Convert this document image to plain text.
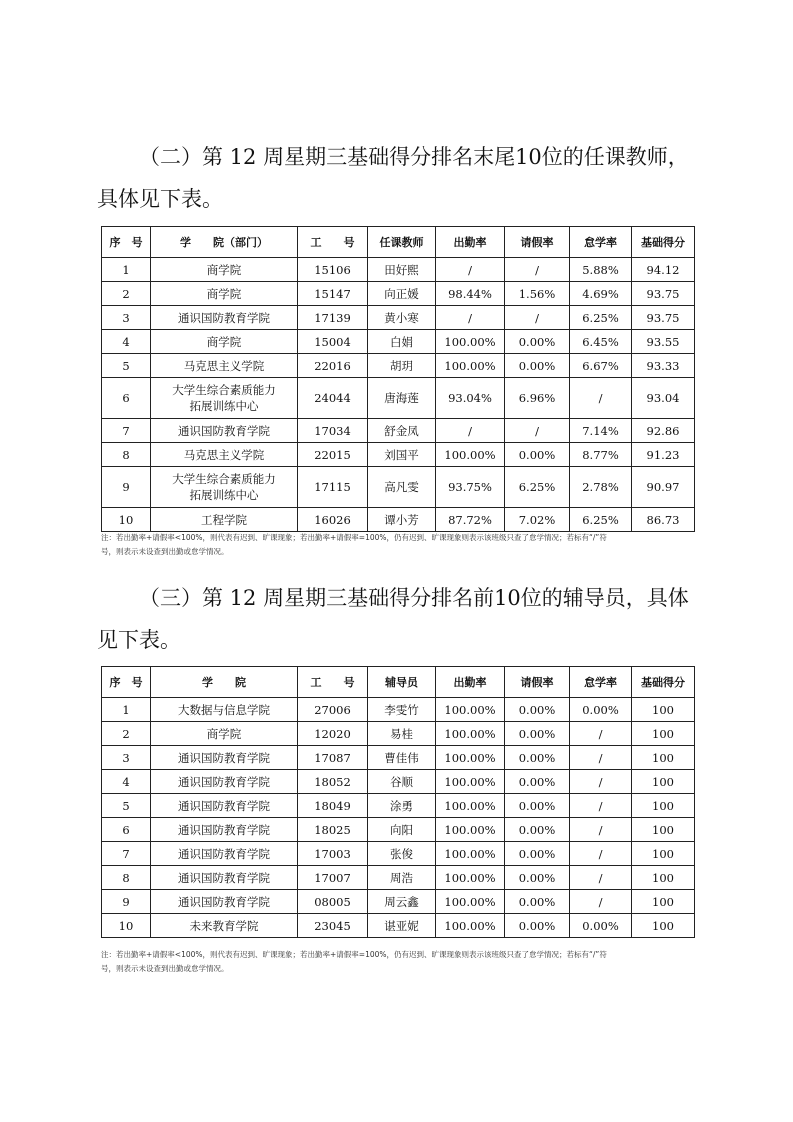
（二）第 12 周星期三基础得分排名末尾10位的任课教师，
具体见下表。

序　号	学　　院（部门）	工　　号	任课教师	出勤率	请假率	怠学率	基础得分
1	商学院	15106	田好熙	/	/	5.88%	94.12
2	商学院	15147	向正媛	98.44%	1.56%	4.69%	93.75
3	通识国防教育学院	17139	黄小寒	/	/	6.25%	93.75
4	商学院	15004	白娟	100.00%	0.00%	6.45%	93.55
5	马克思主义学院	22016	胡玥	100.00%	0.00%	6.67%	93.33
6	大学生综合素质能力
拓展训练中心	24044	唐海莲	93.04%	6.96%	/	93.04
7	通识国防教育学院	17034	舒金凤	/	/	7.14%	92.86
8	马克思主义学院	22015	刘国平	100.00%	0.00%	8.77%	91.23
9	大学生综合素质能力
拓展训练中心	17115	高凡雯	93.75%	6.25%	2.78%	90.97
10	工程学院	16026	谭小芳	87.72%	7.02%	6.25%	86.73
注：若出勤率+请假率<100%，则代表有迟到、旷课现象；若出勤率+请假率=100%，仍有迟到、旷课现象则表示该班级只查了怠学情况；若标有“/”符
号，则表示未设查到出勤或怠学情况。

（三）第 12 周星期三基础得分排名前10位的辅导员，具体
见下表。

序　号	学　　院	工　　号	辅导员	出勤率	请假率	怠学率	基础得分
1	大数据与信息学院	27006	李雯竹	100.00%	0.00%	0.00%	100
2	商学院	12020	易桂	100.00%	0.00%	/	100
3	通识国防教育学院	17087	曹佳伟	100.00%	0.00%	/	100
4	通识国防教育学院	18052	谷顺	100.00%	0.00%	/	100
5	通识国防教育学院	18049	涂勇	100.00%	0.00%	/	100
6	通识国防教育学院	18025	向阳	100.00%	0.00%	/	100
7	通识国防教育学院	17003	张俊	100.00%	0.00%	/	100
8	通识国防教育学院	17007	周浩	100.00%	0.00%	/	100
9	通识国防教育学院	08005	周云鑫	100.00%	0.00%	/	100
10	未来教育学院	23045	谌亚妮	100.00%	0.00%	0.00%	100
注：若出勤率+请假率<100%，则代表有迟到、旷课现象；若出勤率+请假率=100%，仍有迟到、旷课现象则表示该班级只查了怠学情况；若标有“/”符
号，则表示未设查到出勤或怠学情况。
